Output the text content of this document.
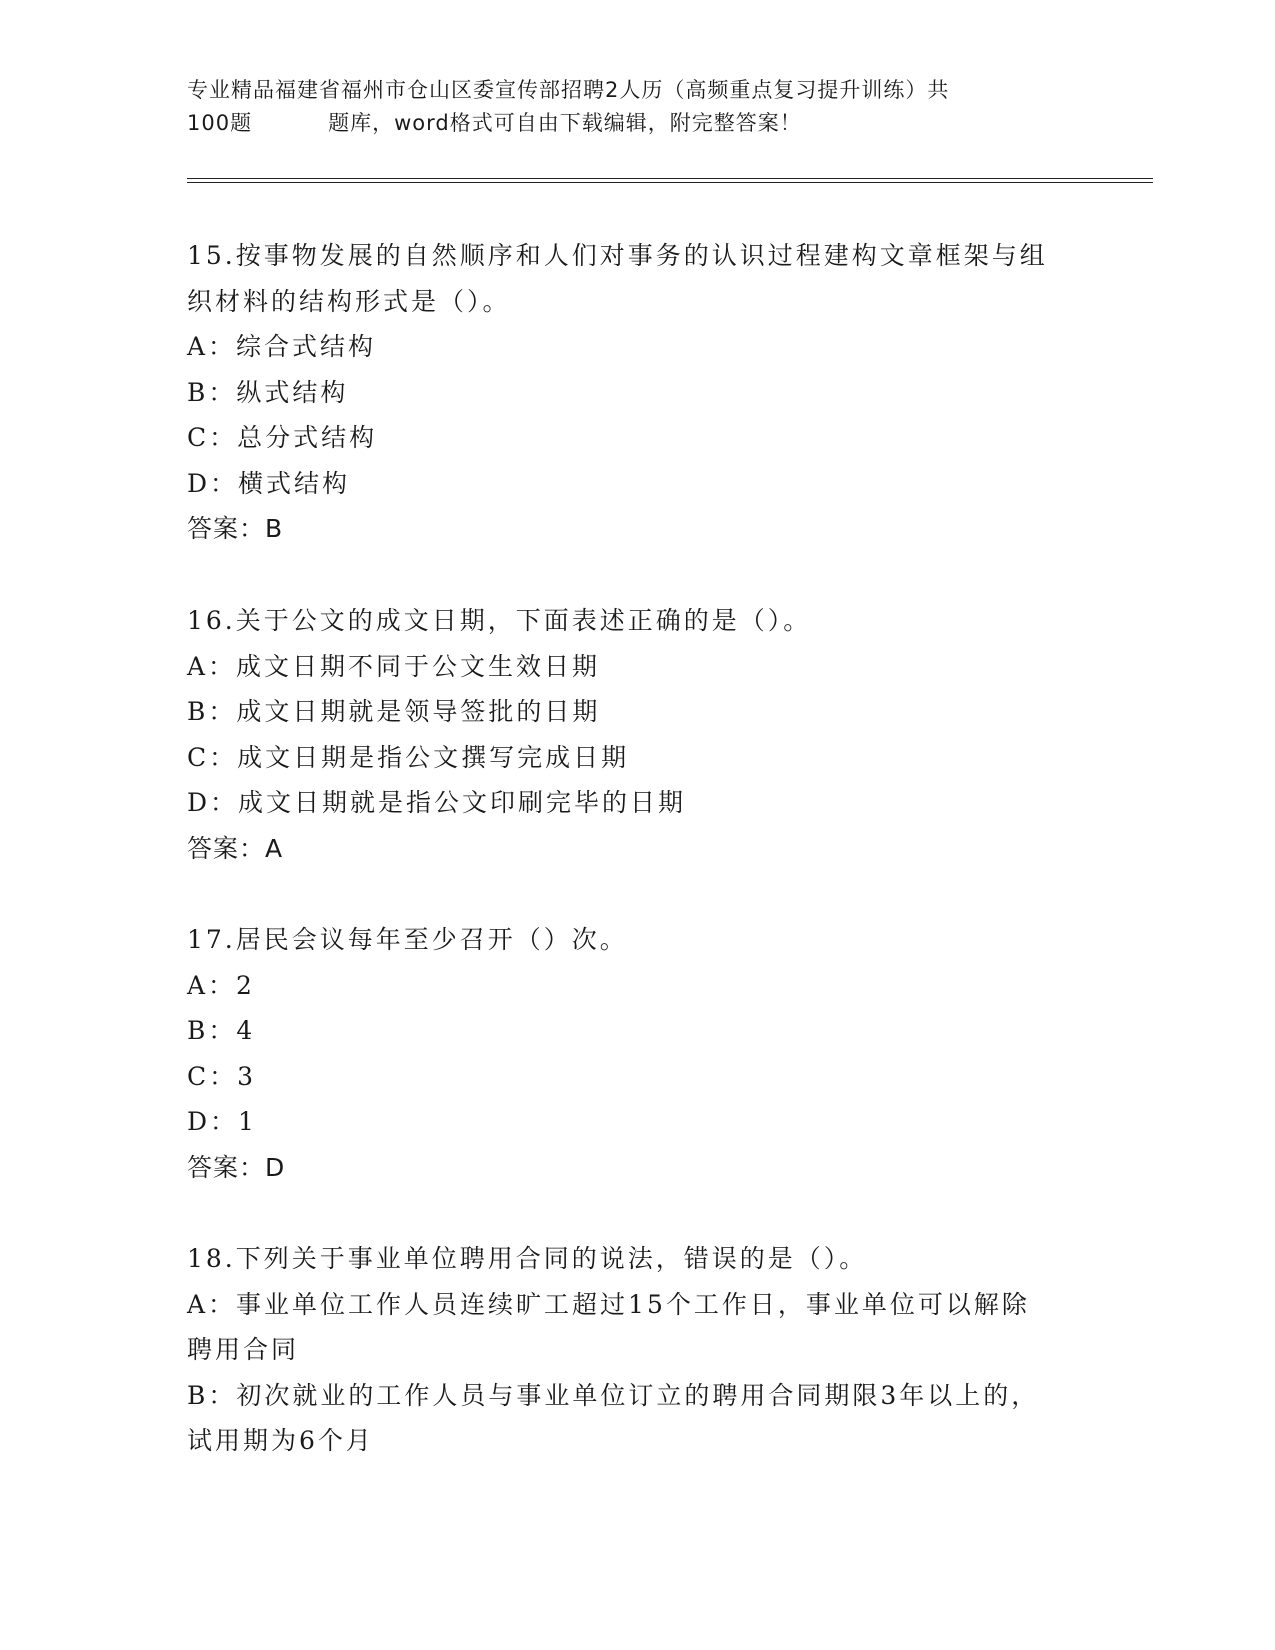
专业精品福建省福州市仓山区委宣传部招聘2人历（高频重点复习提升训练）共
100题	题库，word格式可自由下载编辑，附完整答案！
15.按事物发展的自然顺序和人们对事务的认识过程建构文章框架与组
织材料的结构形式是（）。
A：综合式结构
B：纵式结构
C：总分式结构
D：横式结构
答案：B
16.关于公文的成文日期，下面表述正确的是（）。
A：成文日期不同于公文生效日期
B：成文日期就是领导签批的日期
C：成文日期是指公文撰写完成日期
D：成文日期就是指公文印刷完毕的日期
答案：A
17.居民会议每年至少召开（）次。
A：2
B：4
C：3
D：1
答案：D
18.下列关于事业单位聘用合同的说法，错误的是（）。
A：事业单位工作人员连续旷工超过15个工作日，事业单位可以解除
聘用合同
B：初次就业的工作人员与事业单位订立的聘用合同期限3年以上的，
试用期为6个月
